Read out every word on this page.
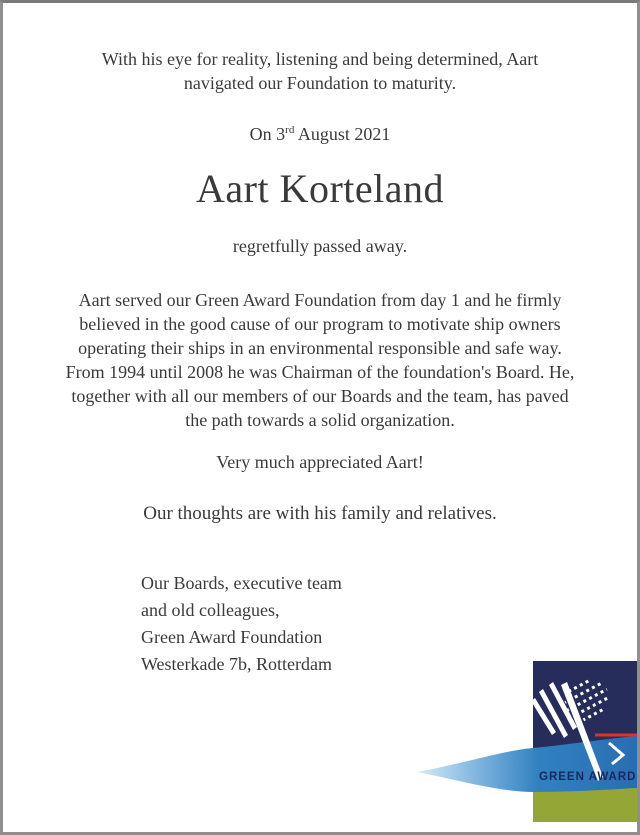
With his eye for reality, listening and being determined, Aart
navigated our Foundation to maturity.
On 3rd August 2021
Aart Korteland
regretfully passed away.
Aart served our Green Award Foundation from day 1 and he firmly
believed in the good cause of our program to motivate ship owners
operating their ships in an environmental responsible and safe way.
From 1994 until 2008 he was Chairman of the foundation's Board. He,
together with all our members of our Boards and the team, has paved
the path towards a solid organization.
Very much appreciated Aart!
Our thoughts are with his family and relatives.
Our Boards, executive team
and old colleagues,
Green Award Foundation
Westerkade 7b, Rotterdam
GREEN AWARD
